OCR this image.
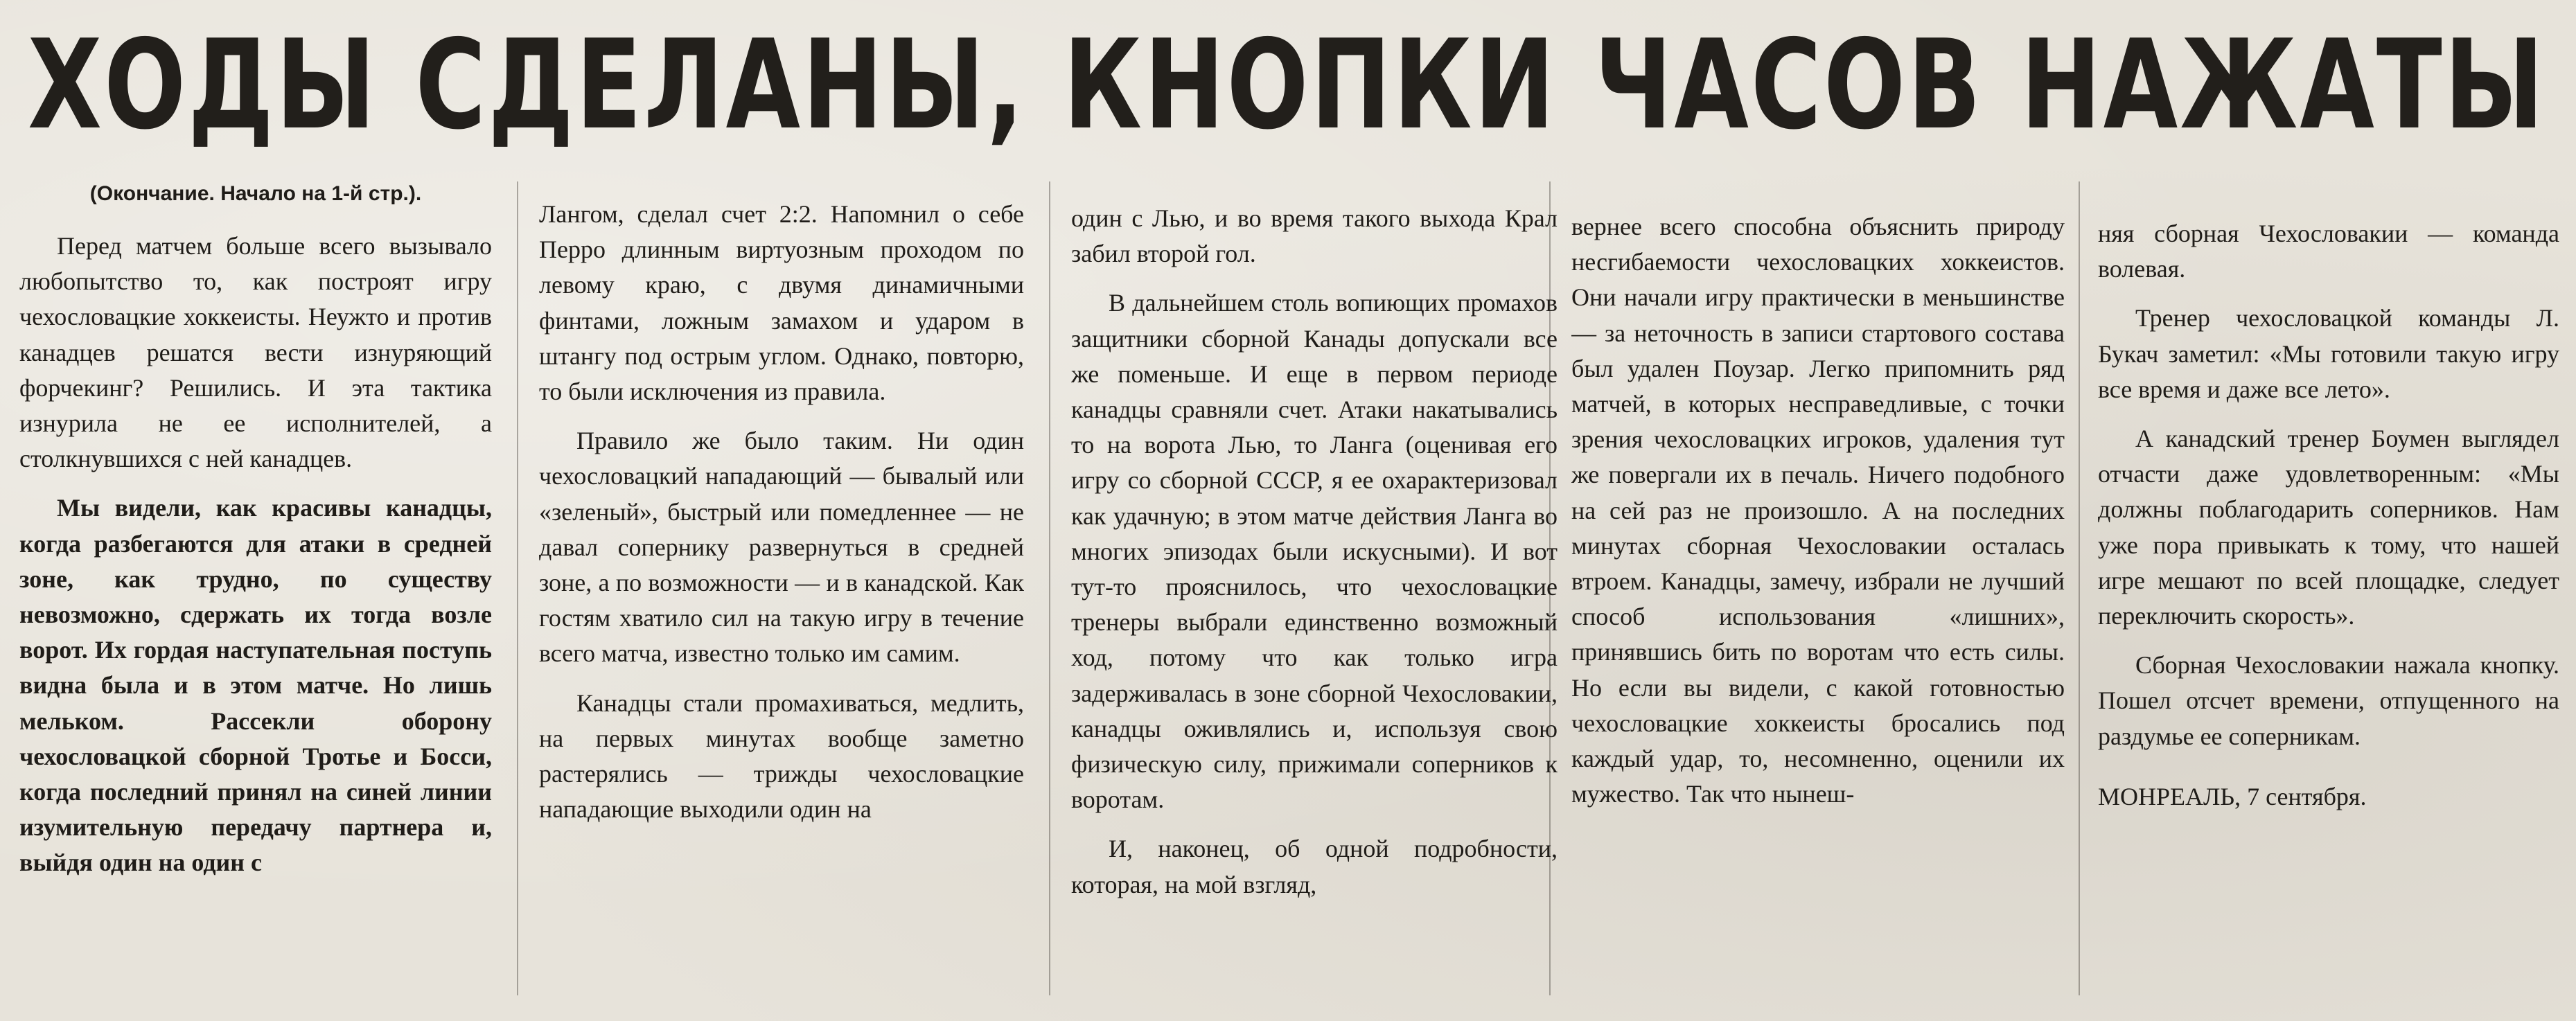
ХОДЫ СДЕЛАНЫ, КНОПКИ ЧАСОВ НАЖАТЫ

(Окончание. Начало на 1-й стр.).

Перед матчем больше всего вызывало любопытство то, как построят игру чехословацкие хоккеисты. Неужто и против канадцев решатся вести изнуряющий форчекинг? Решились. И эта тактика изнурила не ее исполнителей, а столкнувшихся с ней канадцев.

Мы видели, как красивы канадцы, когда разбегаются для атаки в средней зоне, как трудно, по существу невозможно, сдержать их тогда возле ворот. Их гордая наступательная поступь видна была и в этом матче. Но лишь мельком. Рассекли оборону чехословацкой сборной Тротье и Босси, когда последний принял на синей линии изумительную передачу партнера и, выйдя один на один с

Лангом, сделал счет 2:2. Напомнил о себе Перро длинным виртуозным проходом по левому краю, с двумя динамичными финтами, ложным замахом и ударом в штангу под острым углом. Однако, повторю, то были исключения из правила.

Правило же было таким. Ни один чехословацкий нападающий — бывалый или «зеленый», быстрый или помедленнее — не давал сопернику развернуться в средней зоне, а по возможности — и в канадской. Как гостям хватило сил на такую игру в течение всего матча, известно только им самим.

Канадцы стали промахиваться, медлить, на первых минутах вообще заметно растерялись — трижды чехословацкие нападающие выходили один на

один с Лью, и во время такого выхода Крал забил второй гол.

В дальнейшем столь вопиющих промахов защитники сборной Канады допускали все же поменьше. И еще в первом периоде канадцы сравняли счет. Атаки накатывались то на ворота Лью, то Ланга (оценивая его игру со сборной СССР, я ее охарактеризовал как удачную; в этом матче действия Ланга во многих эпизодах были искусными). И вот тут-то прояснилось, что чехословацкие тренеры выбрали единственно возможный ход, потому что как только игра задерживалась в зоне сборной Чехословакии, канадцы оживлялись и, используя свою физическую силу, прижимали соперников к воротам.

И, наконец, об одной подробности, которая, на мой взгляд,

вернее всего способна объяснить природу несгибаемости чехословацких хоккеистов. Они начали игру практически в меньшинстве — за неточность в записи стартового состава был удален Поузар. Легко припомнить ряд матчей, в которых несправедливые, с точки зрения чехословацких игроков, удаления тут же повергали их в печаль. Ничего подобного на сей раз не произошло. А на последних минутах сборная Чехословакии осталась втроем. Канадцы, замечу, избрали не лучший способ использования «лишних», принявшись бить по воротам что есть силы. Но если вы видели, с какой готовностью чехословацкие хоккеисты бросались под каждый удар, то, несомненно, оценили их мужество. Так что нынеш-

няя сборная Чехословакии — команда волевая.

Тренер чехословацкой команды Л. Букач заметил: «Мы готовили такую игру все время и даже все лето».

А канадский тренер Боумен выглядел отчасти даже удовлетворенным: «Мы должны поблагодарить соперников. Нам уже пора привыкать к тому, что нашей игре мешают по всей площадке, следует переключить скорость».

Сборная Чехословакии нажала кнопку. Пошел отсчет времени, отпущенного на раздумье ее соперникам.

МОНРЕАЛЬ, 7 сентября.
